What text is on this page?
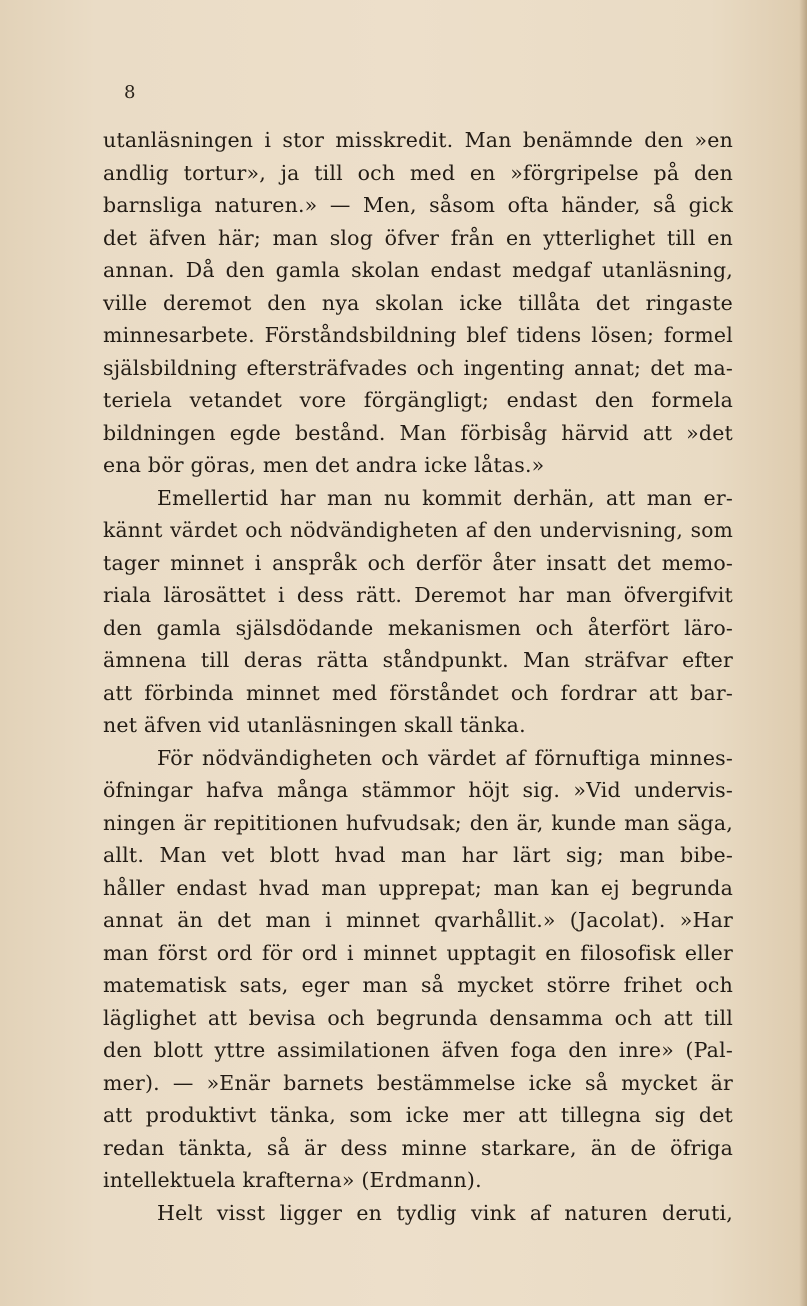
8
utanläsningen i stor misskredit. Man benämnde den »en
andlig tortur», ja till och med en »förgripelse på den
barnsliga naturen.» — Men, såsom ofta händer, så gick
det äfven här; man slog öfver från en ytterlighet till en
annan. Då den gamla skolan endast medgaf utanläsning,
ville deremot den nya skolan icke tillåta det ringaste
minnesarbete. Förståndsbildning blef tidens lösen; formel
själsbildning eftersträfvades och ingenting annat; det ma-
teriela vetandet vore förgängligt; endast den formela
bildningen egde bestånd. Man förbisåg härvid att »det
ena bör göras, men det andra icke låtas.»
Emellertid har man nu kommit derhän, att man er-
kännt värdet och nödvändigheten af den undervisning, som
tager minnet i anspråk och derför åter insatt det memo-
riala lärosättet i dess rätt. Deremot har man öfvergifvit
den gamla själsdödande mekanismen och återfört läro-
ämnena till deras rätta ståndpunkt. Man sträfvar efter
att förbinda minnet med förståndet och fordrar att bar-
net äfven vid utanläsningen skall tänka.
För nödvändigheten och värdet af förnuftiga minnes-
öfningar hafva många stämmor höjt sig. »Vid undervis-
ningen är repititionen hufvudsak; den är, kunde man säga,
allt. Man vet blott hvad man har lärt sig; man bibe-
håller endast hvad man upprepat; man kan ej begrunda
annat än det man i minnet qvarhållit.» (Jacolat). »Har
man först ord för ord i minnet upptagit en filosofisk eller
matematisk sats, eger man så mycket större frihet och
läglighet att bevisa och begrunda densamma och att till
den blott yttre assimilationen äfven foga den inre» (Pal-
mer). — »Enär barnets bestämmelse icke så mycket är
att produktivt tänka, som icke mer att tillegna sig det
redan tänkta, så är dess minne starkare, än de öfriga
intellektuela krafterna» (Erdmann).
Helt visst ligger en tydlig vink af naturen deruti,
